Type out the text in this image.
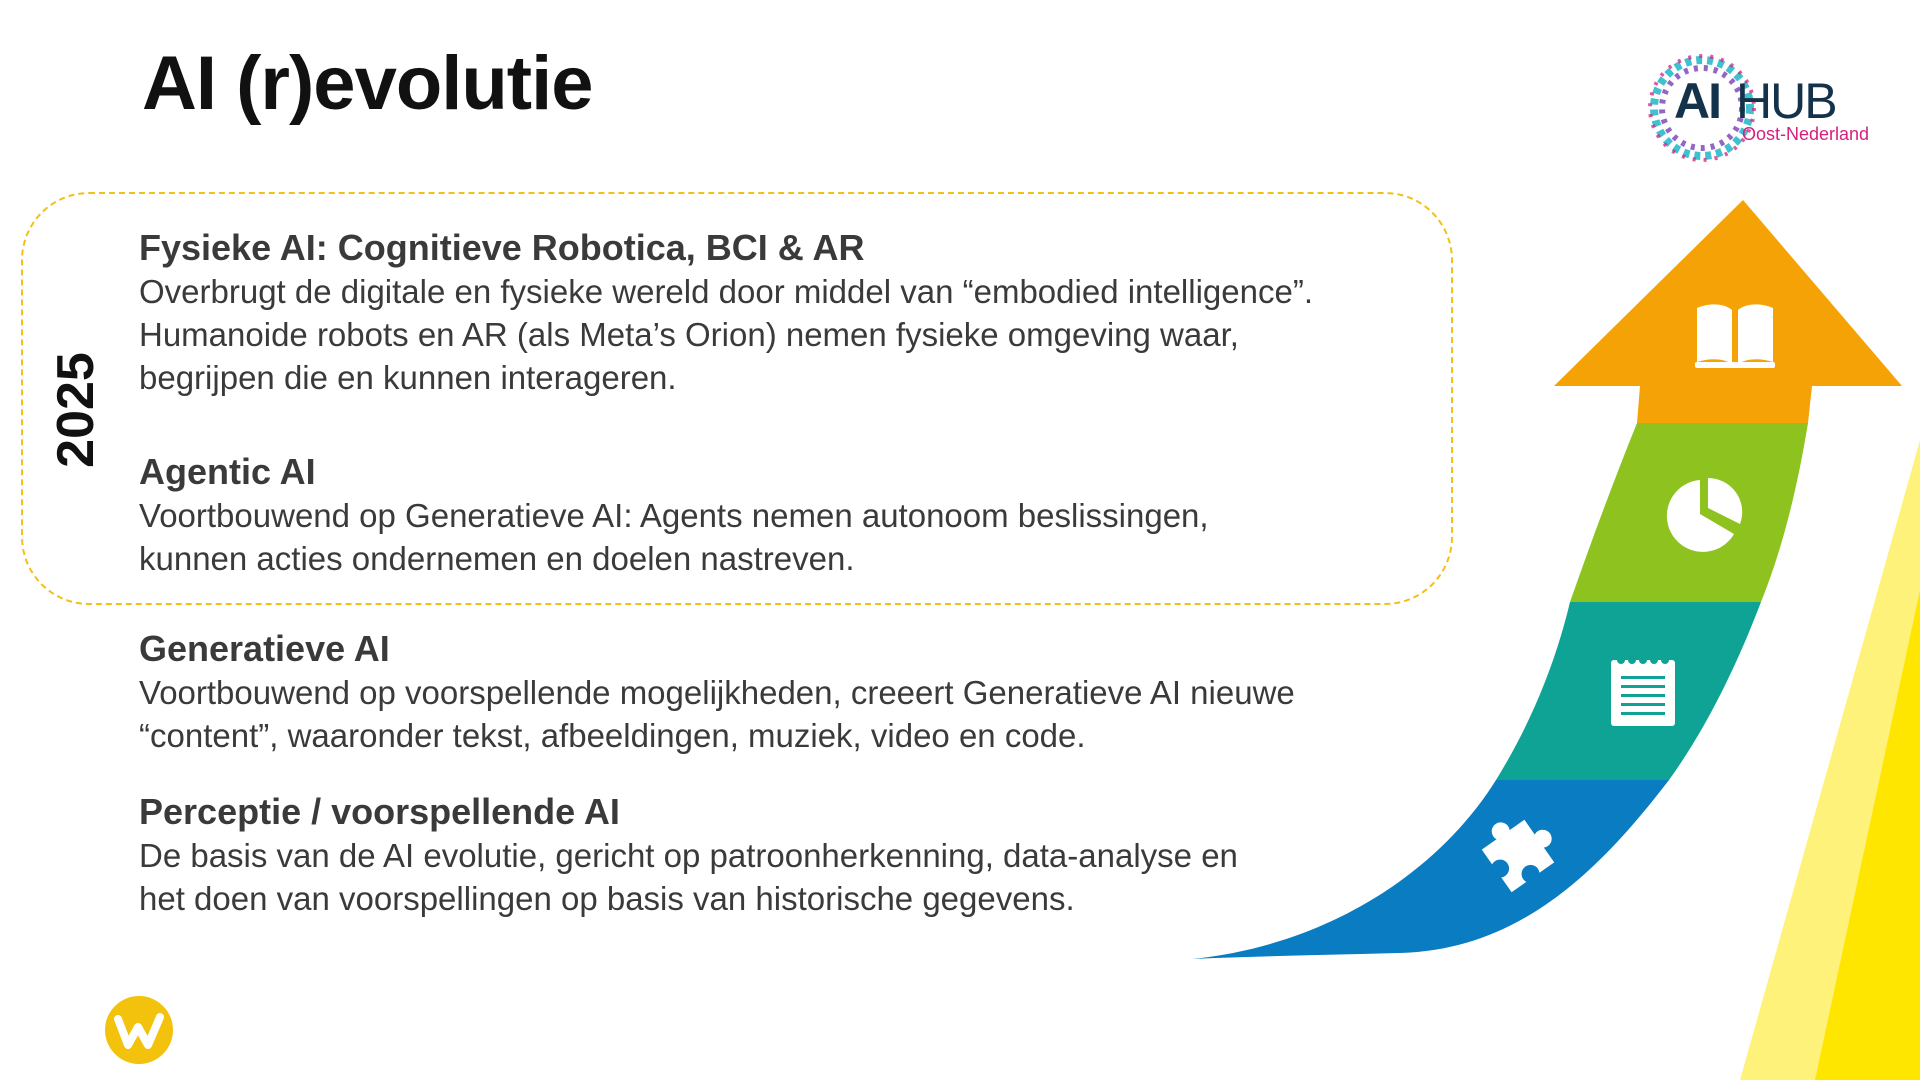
AI (r)evolutie	AI HUB
Oost-Nederland
2025
Fysieke AI: Cognitieve Robotica, BCI & AR

Overbrugt de digitale en fysieke wereld door middel van “embodied intelligence”.
Humanoide robots en AR (als Meta’s Orion) nemen fysieke omgeving waar,
begrijpen die en kunnen interageren.

Agentic AI

Voortbouwend op Generatieve AI: Agents nemen autonoom beslissingen,
kunnen acties ondernemen en doelen nastreven.

Generatieve AI

Voortbouwend op voorspellende mogelijkheden, creeert Generatieve AI nieuwe
“content”, waaronder tekst, afbeeldingen, muziek, video en code.

Perceptie / voorspellende AI

De basis van de AI evolutie, gericht op patroonherkenning, data-analyse en
het doen van voorspellingen op basis van historische gegevens.
